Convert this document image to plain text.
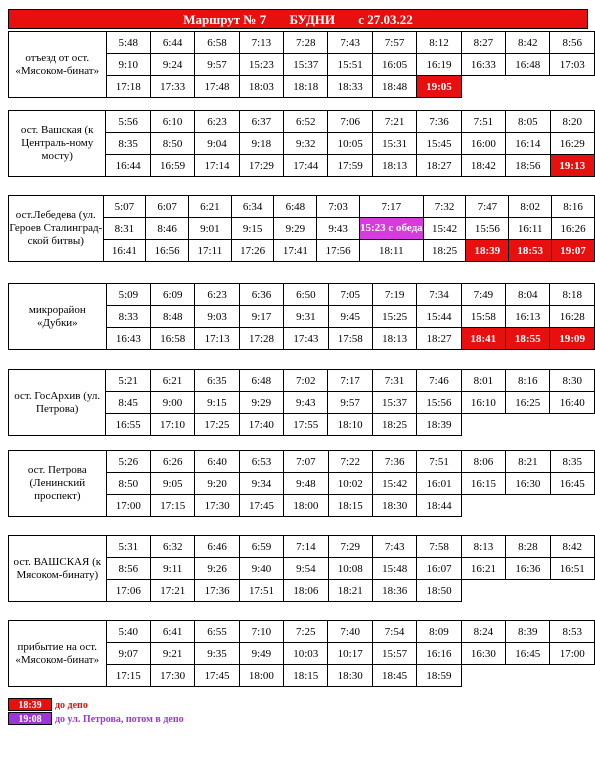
Маршрут № 7 БУДНИ с 27.03.22
отъезд от ост. «Мясоком-бинат»	5:48	6:44	6:58	7:13	7:28	7:43	7:57	8:12	8:27	8:42	8:56
	9:10	9:24	9:57	15:23	15:37	15:51	16:05	16:19	16:33	16:48	17:03
	17:18	17:33	17:48	18:03	18:18	18:33	18:48	19:05			
ост. Вашская (к Централь-ному мосту)	5:56	6:10	6:23	6:37	6:52	7:06	7:21	7:36	7:51	8:05	8:20
	8:35	8:50	9:04	9:18	9:32	10:05	15:31	15:45	16:00	16:14	16:29
	16:44	16:59	17:14	17:29	17:44	17:59	18:13	18:27	18:42	18:56	19:13
ост.Лебедева (ул. Героев Сталинград-ской битвы)	5:07	6:07	6:21	6:34	6:48	7:03	7:17	7:32	7:47	8:02	8:16
	8:31	8:46	9:01	9:15	9:29	9:43	15:23 с обеда	15:42	15:56	16:11	16:26
	16:41	16:56	17:11	17:26	17:41	17:56	18:11	18:25	18:39	18:53	19:07
микрорайон «Дубки»	5:09	6:09	6:23	6:36	6:50	7:05	7:19	7:34	7:49	8:04	8:18
	8:33	8:48	9:03	9:17	9:31	9:45	15:25	15:44	15:58	16:13	16:28
	16:43	16:58	17:13	17:28	17:43	17:58	18:13	18:27	18:41	18:55	19:09
ост. ГосАрхив (ул. Петрова)	5:21	6:21	6:35	6:48	7:02	7:17	7:31	7:46	8:01	8:16	8:30
	8:45	9:00	9:15	9:29	9:43	9:57	15:37	15:56	16:10	16:25	16:40
	16:55	17:10	17:25	17:40	17:55	18:10	18:25	18:39			
ост. Петрова (Ленинский проспект)	5:26	6:26	6:40	6:53	7:07	7:22	7:36	7:51	8:06	8:21	8:35
	8:50	9:05	9:20	9:34	9:48	10:02	15:42	16:01	16:15	16:30	16:45
	17:00	17:15	17:30	17:45	18:00	18:15	18:30	18:44			
ост. ВАШСКАЯ (к Мясоком-бинату)	5:31	6:32	6:46	6:59	7:14	7:29	7:43	7:58	8:13	8:28	8:42
	8:56	9:11	9:26	9:40	9:54	10:08	15:48	16:07	16:21	16:36	16:51
	17:06	17:21	17:36	17:51	18:06	18:21	18:36	18:50			
прибытие на ост. «Мясоком-бинат»	5:40	6:41	6:55	7:10	7:25	7:40	7:54	8:09	8:24	8:39	8:53
	9:07	9:21	9:35	9:49	10:03	10:17	15:57	16:16	16:30	16:45	17:00
	17:15	17:30	17:45	18:00	18:15	18:30	18:45	18:59			
18:39 до депо
19:08 до ул. Петрова, потом в депо
